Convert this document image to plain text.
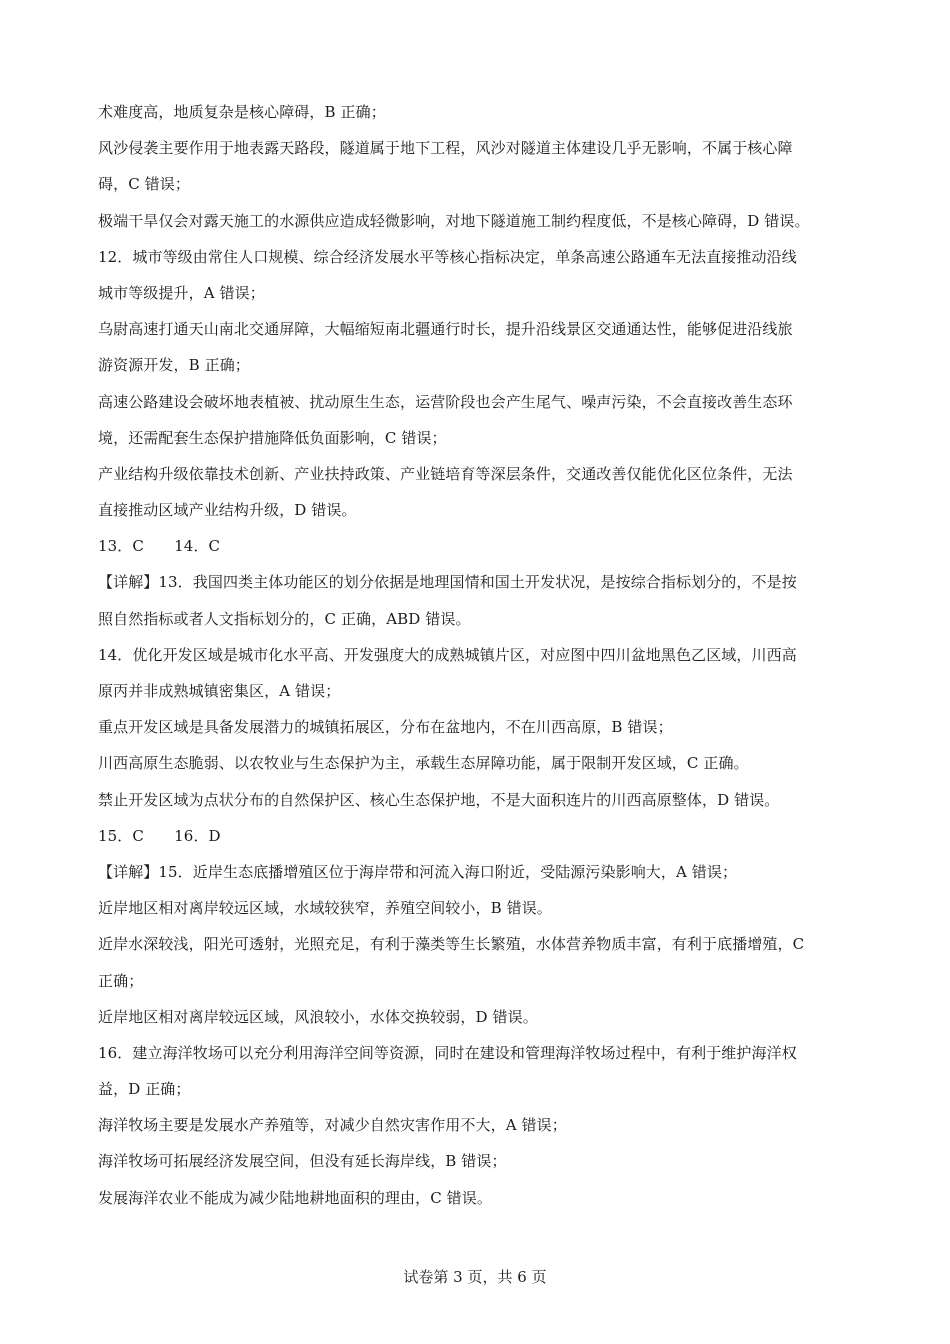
术难度高，地质复杂是核心障碍，B 正确；
风沙侵袭主要作用于地表露天路段，隧道属于地下工程，风沙对隧道主体建设几乎无影响，不属于核心障
碍，C 错误；
极端干旱仅会对露天施工的水源供应造成轻微影响，对地下隧道施工制约程度低，不是核心障碍，D 错误。
12．城市等级由常住人口规模、综合经济发展水平等核心指标决定，单条高速公路通车无法直接推动沿线
城市等级提升，A 错误；
乌尉高速打通天山南北交通屏障，大幅缩短南北疆通行时长，提升沿线景区交通通达性，能够促进沿线旅
游资源开发，B 正确；
高速公路建设会破坏地表植被、扰动原生生态，运营阶段也会产生尾气、噪声污染，不会直接改善生态环
境，还需配套生态保护措施降低负面影响，C 错误；
产业结构升级依靠技术创新、产业扶持政策、产业链培育等深层条件，交通改善仅能优化区位条件，无法
直接推动区域产业结构升级，D 错误。
13．C　　14．C
【详解】13．我国四类主体功能区的划分依据是地理国情和国土开发状况，是按综合指标划分的，不是按
照自然指标或者人文指标划分的，C 正确，ABD 错误。
14．优化开发区域是城市化水平高、开发强度大的成熟城镇片区，对应图中四川盆地黑色乙区域，川西高
原丙并非成熟城镇密集区，A 错误；
重点开发区域是具备发展潜力的城镇拓展区，分布在盆地内，不在川西高原，B 错误；
川西高原生态脆弱、以农牧业与生态保护为主，承载生态屏障功能，属于限制开发区域，C 正确。
禁止开发区域为点状分布的自然保护区、核心生态保护地，不是大面积连片的川西高原整体，D 错误。
15．C　　16．D
【详解】15．近岸生态底播增殖区位于海岸带和河流入海口附近，受陆源污染影响大，A 错误；
近岸地区相对离岸较远区域，水域较狭窄，养殖空间较小，B 错误。
近岸水深较浅，阳光可透射，光照充足，有利于藻类等生长繁殖，水体营养物质丰富，有利于底播增殖，C
正确；
近岸地区相对离岸较远区域，风浪较小，水体交换较弱，D 错误。
16．建立海洋牧场可以充分利用海洋空间等资源，同时在建设和管理海洋牧场过程中，有利于维护海洋权
益，D 正确；
海洋牧场主要是发展水产养殖等，对减少自然灾害作用不大，A 错误；
海洋牧场可拓展经济发展空间，但没有延长海岸线，B 错误；
发展海洋农业不能成为减少陆地耕地面积的理由，C 错误。
试卷第 3 页，共 6 页
